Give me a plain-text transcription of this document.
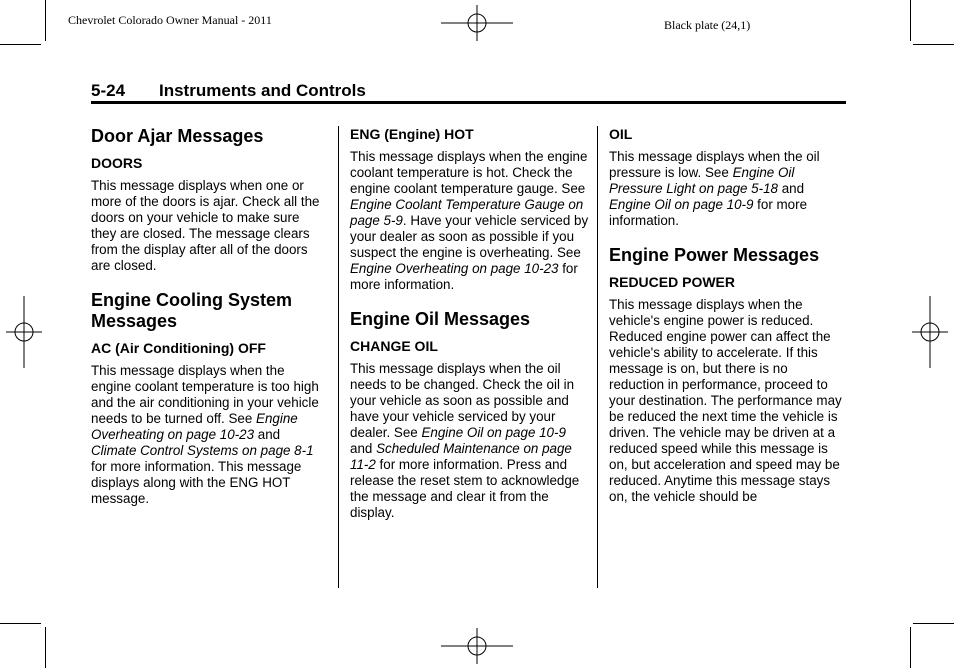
Chevrolet Colorado Owner Manual - 2011	Black plate (24,1)
5-24 Instruments and Controls
Door Ajar Messages
DOORS

This message displays when one or more of the doors is ajar. Check all the doors on your vehicle to make sure they are closed. The message clears from the display after all of the doors are closed.

Engine Cooling System
Messages
AC (Air Conditioning) OFF

This message displays when the engine coolant temperature is too high and the air conditioning in your vehicle needs to be turned off. See Engine Overheating on page 10-23 and Climate Control Systems on page 8-1 for more information. This message displays along with the ENG HOT message.

ENG (Engine) HOT

This message displays when the engine coolant temperature is hot. Check the engine coolant temperature gauge. See Engine Coolant Temperature Gauge on page 5-9. Have your vehicle serviced by your dealer as soon as possible if you suspect the engine is overheating. See Engine Overheating on page 10-23 for more information.

Engine Oil Messages
CHANGE OIL

This message displays when the oil needs to be changed. Check the oil in your vehicle as soon as possible and have your vehicle serviced by your dealer. See Engine Oil on page 10-9 and Scheduled Maintenance on page 11-2 for more information. Press and release the reset stem to acknowledge the message and clear it from the display.

OIL

This message displays when the oil pressure is low. See Engine Oil Pressure Light on page 5-18 and Engine Oil on page 10-9 for more information.

Engine Power Messages
REDUCED POWER

This message displays when the vehicle's engine power is reduced. Reduced engine power can affect the vehicle's ability to accelerate. If this message is on, but there is no reduction in performance, proceed to your destination. The performance may be reduced the next time the vehicle is driven. The vehicle may be driven at a reduced speed while this message is on, but acceleration and speed may be reduced. Anytime this message stays on, the vehicle should be
